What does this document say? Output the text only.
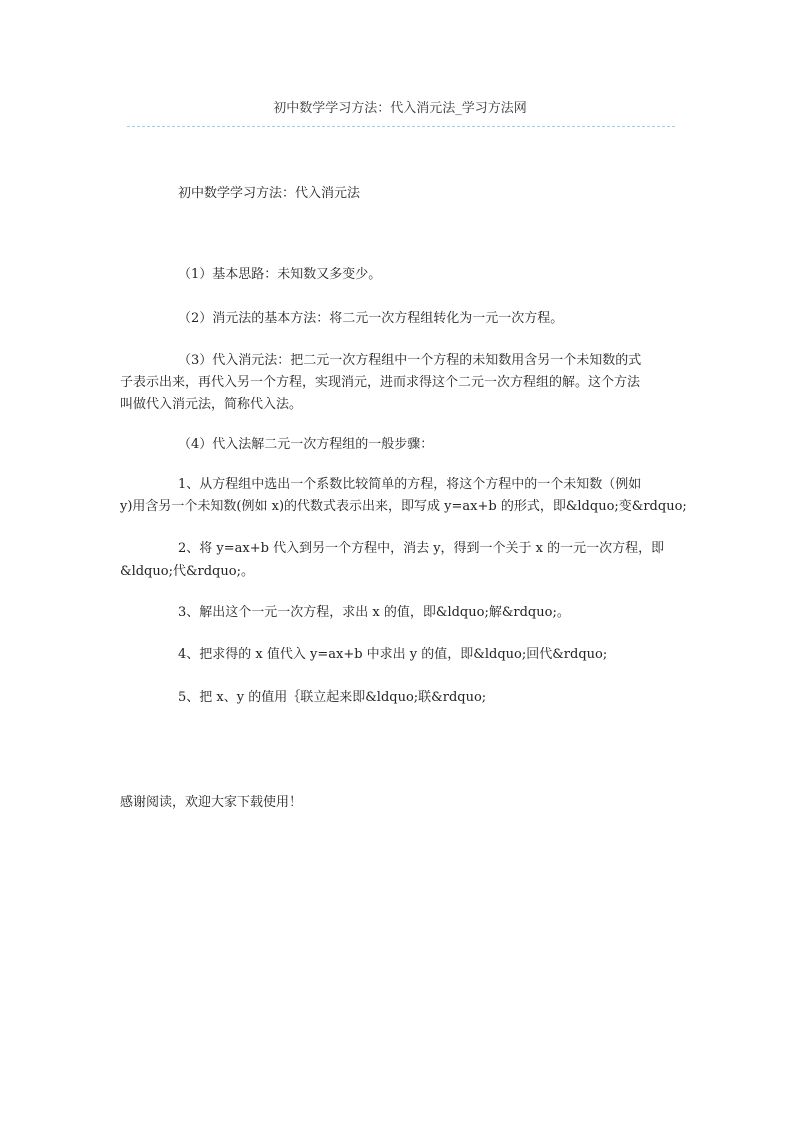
初中数学学习方法：代入消元法_学习方法网
初中数学学习方法：代入消元法
（1）基本思路：未知数又多变少。
（2）消元法的基本方法：将二元一次方程组转化为一元一次方程。
（3）代入消元法：把二元一次方程组中一个方程的未知数用含另一个未知数的式
子表示出来，再代入另一个方程，实现消元，进而求得这个二元一次方程组的解。这个方法
叫做代入消元法，简称代入法。
（4）代入法解二元一次方程组的一般步骤：
1、从方程组中选出一个系数比较简单的方程，将这个方程中的一个未知数（例如
y)用含另一个未知数(例如 x)的代数式表示出来，即写成 y=ax+b 的形式，即&ldquo;变&rdquo;
2、将 y=ax+b 代入到另一个方程中，消去 y，得到一个关于 x 的一元一次方程，即
&ldquo;代&rdquo;。
3、解出这个一元一次方程，求出 x 的值，即&ldquo;解&rdquo;。
4、把求得的 x 值代入 y=ax+b 中求出 y 的值，即&ldquo;回代&rdquo;
5、把 x、y 的值用｛联立起来即&ldquo;联&rdquo;
感谢阅读，欢迎大家下载使用！
